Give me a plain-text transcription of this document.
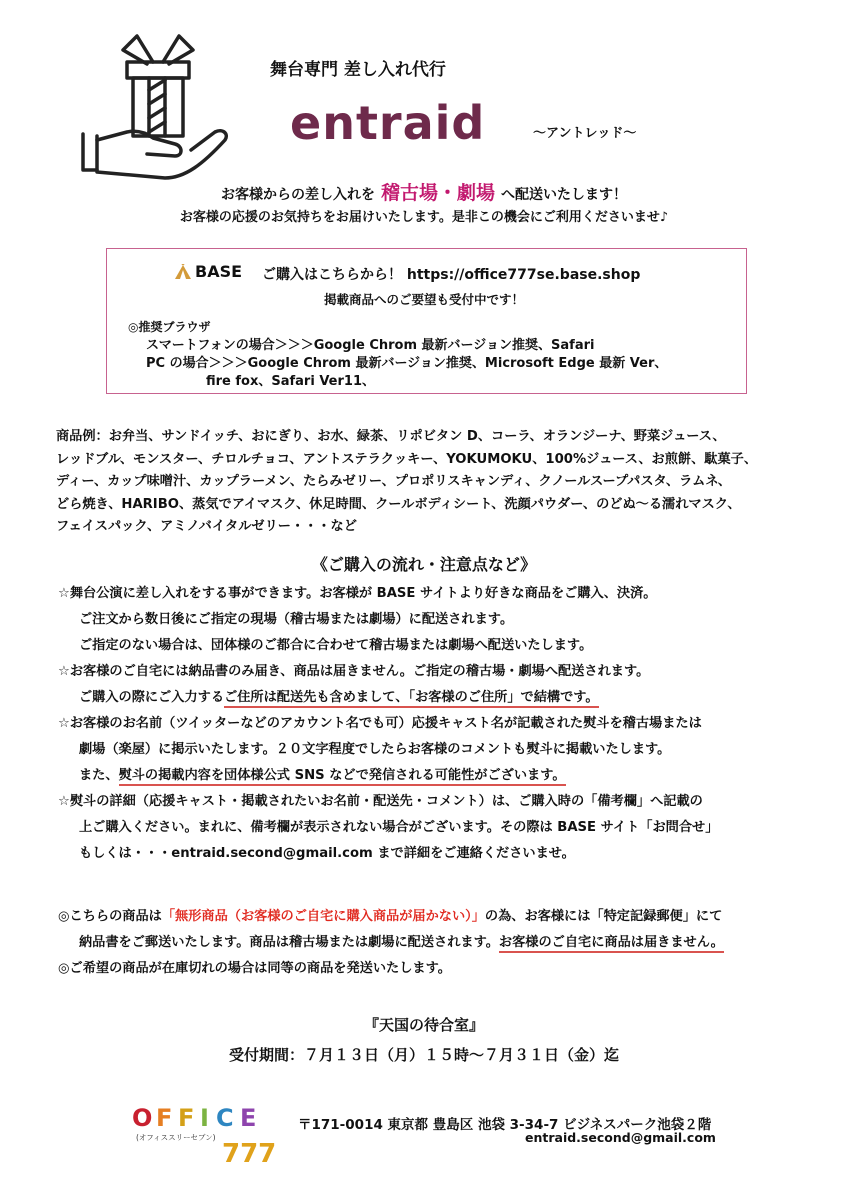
舞台専門 差し入れ代行
entraid	〜アントレッド〜
お客様からの差し入れを 稽古場・劇場 へ配送いたします！
お客様の応援のお気持ちをお届けいたします。是非この機会にご利用くださいませ♪
BASE ご購入はこちらから！ https://office777se.base.shop
掲載商品へのご要望も受付中です！
◎推奨ブラウザ
スマートフォンの場合＞＞＞Google Chrom 最新バージョン推奨、Safari
PC の場合＞＞＞Google Chrom 最新バージョン推奨、Microsoft Edge 最新 Ver、
fire fox、Safari Ver11、
商品例：お弁当、サンドイッチ、おにぎり、お水、緑茶、リポビタン D、コーラ、オランジーナ、野菜ジュース、
レッドブル、モンスター、チロルチョコ、アントステラクッキー、YOKUMOKU、100%ジュース、お煎餅、駄菓子、
ディー、カップ味噌汁、カップラーメン、たらみゼリー、プロポリスキャンディ、クノールスープパスタ、ラムネ、
どら焼き、HARIBO、蒸気でアイマスク、休足時間、クールボディシート、洗顔パウダー、のどぬ～る濡れマスク、
フェイスパック、アミノバイタルゼリー・・・など
《ご購入の流れ・注意点など》
☆舞台公演に差し入れをする事ができます。お客様が BASE サイトより好きな商品をご購入、決済。
ご注文から数日後にご指定の現場（稽古場または劇場）に配送されます。
ご指定のない場合は、団体様のご都合に合わせて稽古場または劇場へ配送いたします。
☆お客様のご自宅には納品書のみ届き、商品は届きません。ご指定の稽古場・劇場へ配送されます。
ご購入の際にご入力するご住所は配送先も含めまして、「お客様のご住所」で結構です。
☆お客様のお名前（ツイッターなどのアカウント名でも可）応援キャスト名が記載された熨斗を稽古場または
劇場（楽屋）に掲示いたします。２０文字程度でしたらお客様のコメントも熨斗に掲載いたします。
また、熨斗の掲載内容を団体様公式 SNS などで発信される可能性がございます。
☆熨斗の詳細（応援キャスト・掲載されたいお名前・配送先・コメント）は、ご購入時の「備考欄」へ記載の
上ご購入ください。まれに、備考欄が表示されない場合がございます。その際は BASE サイト「お問合せ」
もしくは・・・entraid.second@gmail.com まで詳細をご連絡くださいませ。
◎こちらの商品は「無形商品（お客様のご自宅に購入商品が届かない）」の為、お客様には「特定記録郵便」にて
納品書をご郵送いたします。商品は稽古場または劇場に配送されます。お客様のご自宅に商品は届きません。
◎ご希望の商品が在庫切れの場合は同等の商品を発送いたします。
『天国の待合室』
受付期間：７月１３日（月）１５時〜７月３１日（金）迄
O F F I C E
(オフィススリーセブン)
777
〒171-0014 東京都 豊島区 池袋 3-34-7 ビジネスパーク池袋２階
entraid.second@gmail.com
